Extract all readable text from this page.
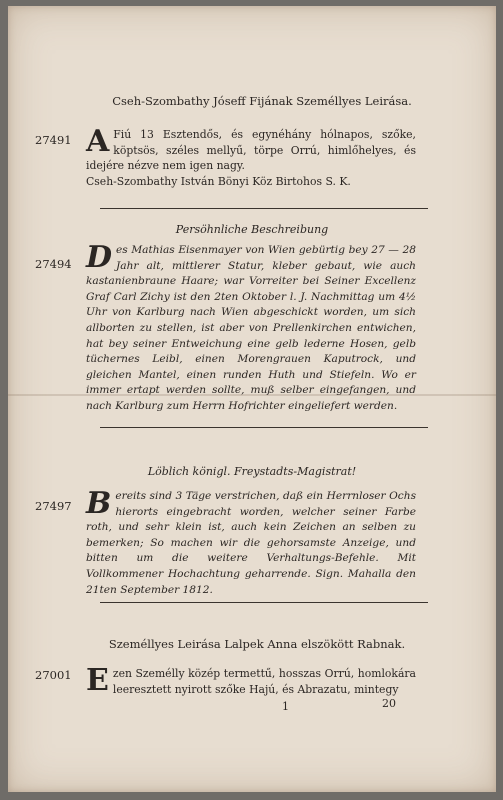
Cseh-Szombathy Jóseff Fijának Személlyes Leirása.
27491 A Fiú 13 Esztendős, és egynéhány hólnapos, szőke, köptsös, széles mellyű, törpe Orrú, himlőhelyes, és idejére nézve nem igen nagy.

Cseh-Szombathy István Bönyi Köz Birtohos S. K.

Persöhnliche Beschreibung
27494 Des Mathias Eisenmayer von Wien gebürtig bey 27 — 28 Jahr alt, mittlerer Statur, kleber gebaut, wie auch kastanienbraune Haare; war Vorreiter bei Seiner Excellenz Graf Carl Zichy ist den 2ten Oktober l. J. Nachmittag um 4½ Uhr von Karlburg nach Wien abgeschickt worden, um sich allborten zu stellen, ist aber von Prellenkirchen entwichen, hat bey seiner Entweichung eine gelb lederne Hosen, gelb tüchernes Leibl, einen Morengrauen Kaputrock, und gleichen Mantel, einen runden Huth und Stiefeln. Wo er immer ertapt werden sollte, muß selber eingefangen, und nach Karlburg zum Herrn Hofrichter eingeliefert werden.

Löblich königl. Freystadts-Magistrat!
27497 Bereits sind 3 Täge verstrichen, daß ein Herrnloser Ochs hierorts eingebracht worden, welcher seiner Farbe roth, und sehr klein ist, auch kein Zeichen an selben zu bemerken; So machen wir die gehorsamste Anzeige, und bitten um die weitere Verhaltungs-Befehle. Mit Vollkommener Hochachtung geharrende. Sign. Mahalla den 21ten September 1812.

Személlyes Leirása Lalpek Anna elszökött Rabnak.
27001 Ezen Személly közép termettű, hosszas Orrú, homlokára leeresztett nyirott szőke Hajú, és Abrazatu, mintegy

1	20
